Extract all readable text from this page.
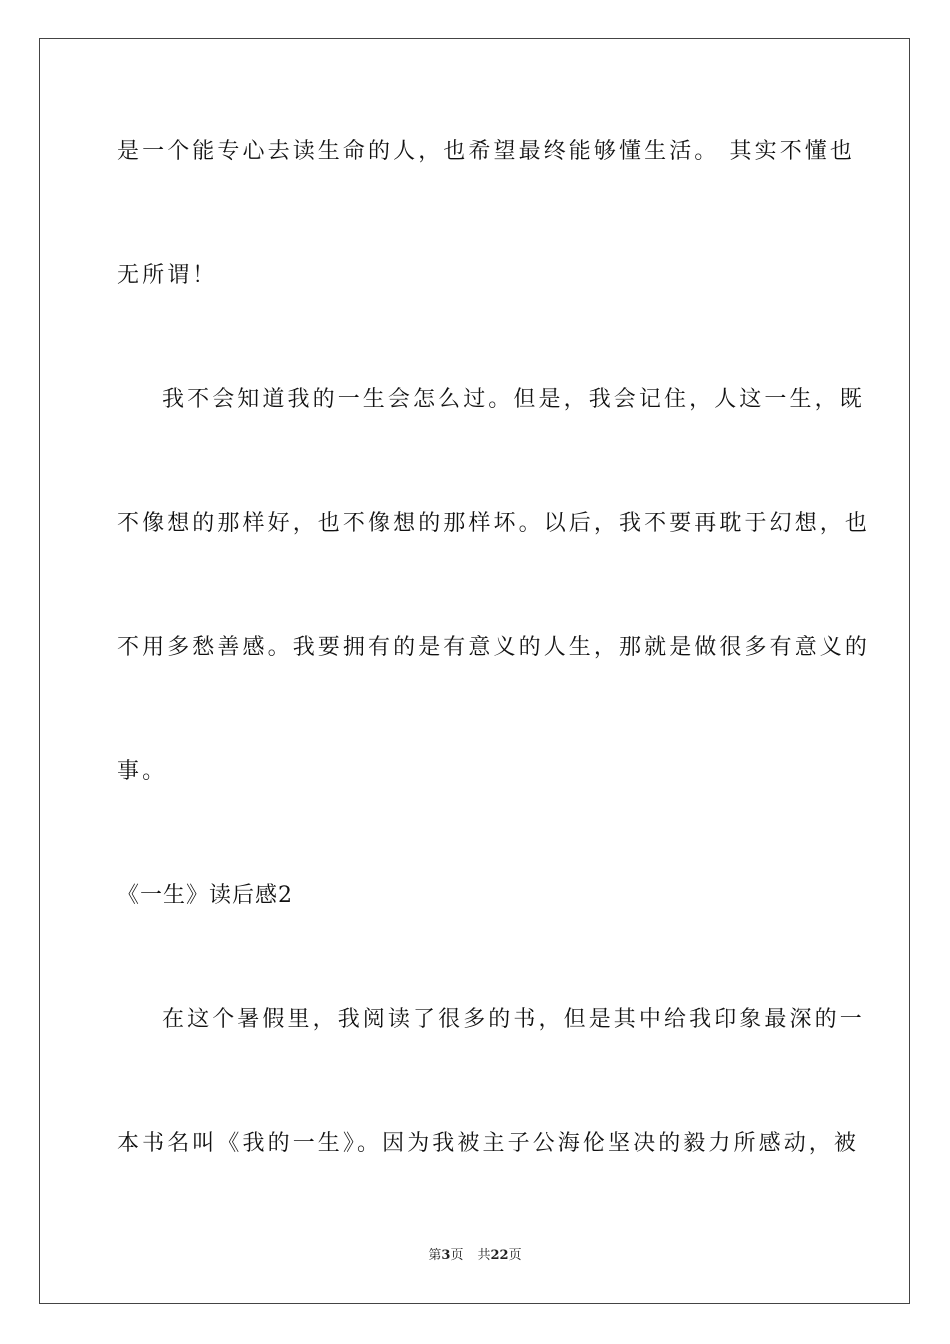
是一个能专心去读生命的人，也希望最终能够懂生活。 其实不懂也
无所谓！
我不会知道我的一生会怎么过。但是，我会记住，人这一生，既
不像想的那样好，也不像想的那样坏。以后，我不要再耽于幻想，也
不用多愁善感。我要拥有的是有意义的人生，那就是做很多有意义的
事。
《一生》读后感2
在这个暑假里，我阅读了很多的书，但是其中给我印象最深的一
本书名叫《我的一生》。因为我被主子公海伦坚决的毅力所感动，被
第3页 共22页
